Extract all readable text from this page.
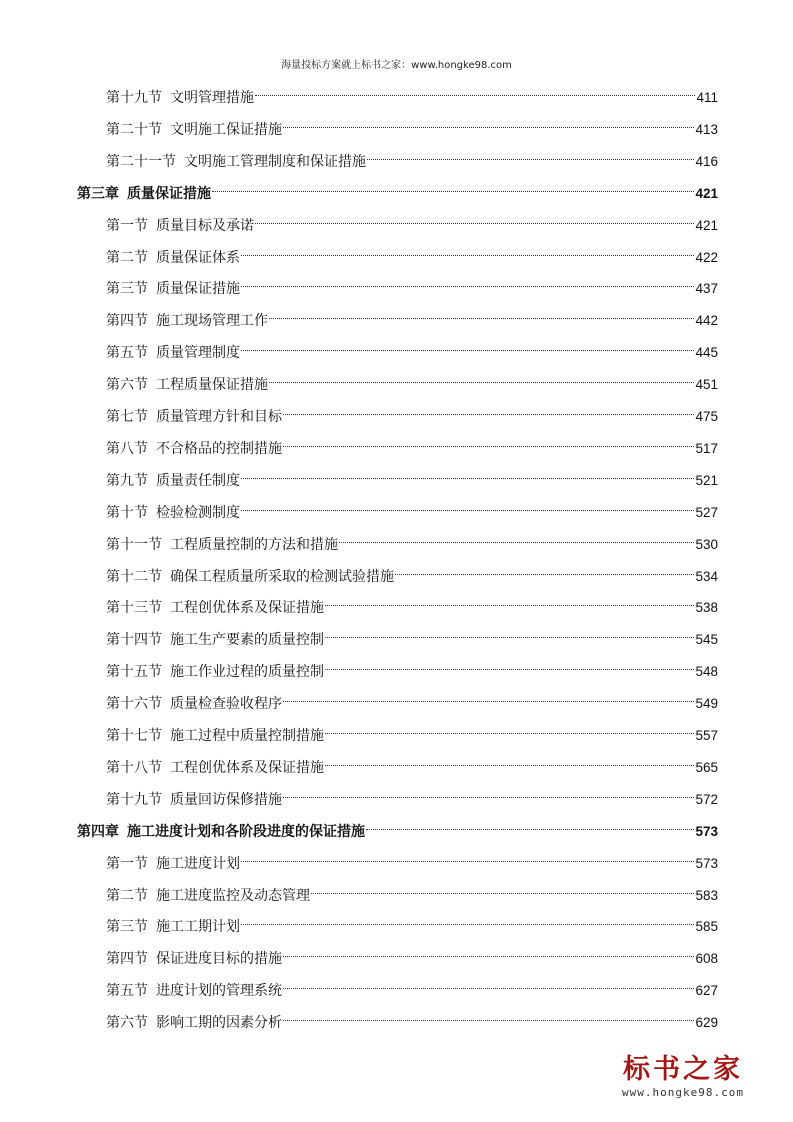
海量投标方案就上标书之家：www.hongke98.com
第十九节 文明管理措施	411
第二十节 文明施工保证措施	413
第二十一节 文明施工管理制度和保证措施	416
第三章 质量保证措施	421
第一节 质量目标及承诺	421
第二节 质量保证体系	422
第三节 质量保证措施	437
第四节 施工现场管理工作	442
第五节 质量管理制度	445
第六节 工程质量保证措施	451
第七节 质量管理方针和目标	475
第八节 不合格品的控制措施	517
第九节 质量责任制度	521
第十节 检验检测制度	527
第十一节 工程质量控制的方法和措施	530
第十二节 确保工程质量所采取的检测试验措施	534
第十三节 工程创优体系及保证措施	538
第十四节 施工生产要素的质量控制	545
第十五节 施工作业过程的质量控制	548
第十六节 质量检查验收程序	549
第十七节 施工过程中质量控制措施	557
第十八节 工程创优体系及保证措施	565
第十九节 质量回访保修措施	572
第四章 施工进度计划和各阶段进度的保证措施	573
第一节 施工进度计划	573
第二节 施工进度监控及动态管理	583
第三节 施工工期计划	585
第四节 保证进度目标的措施	608
第五节 进度计划的管理系统	627
第六节 影响工期的因素分析	629
标书之家
www.hongke98.com
